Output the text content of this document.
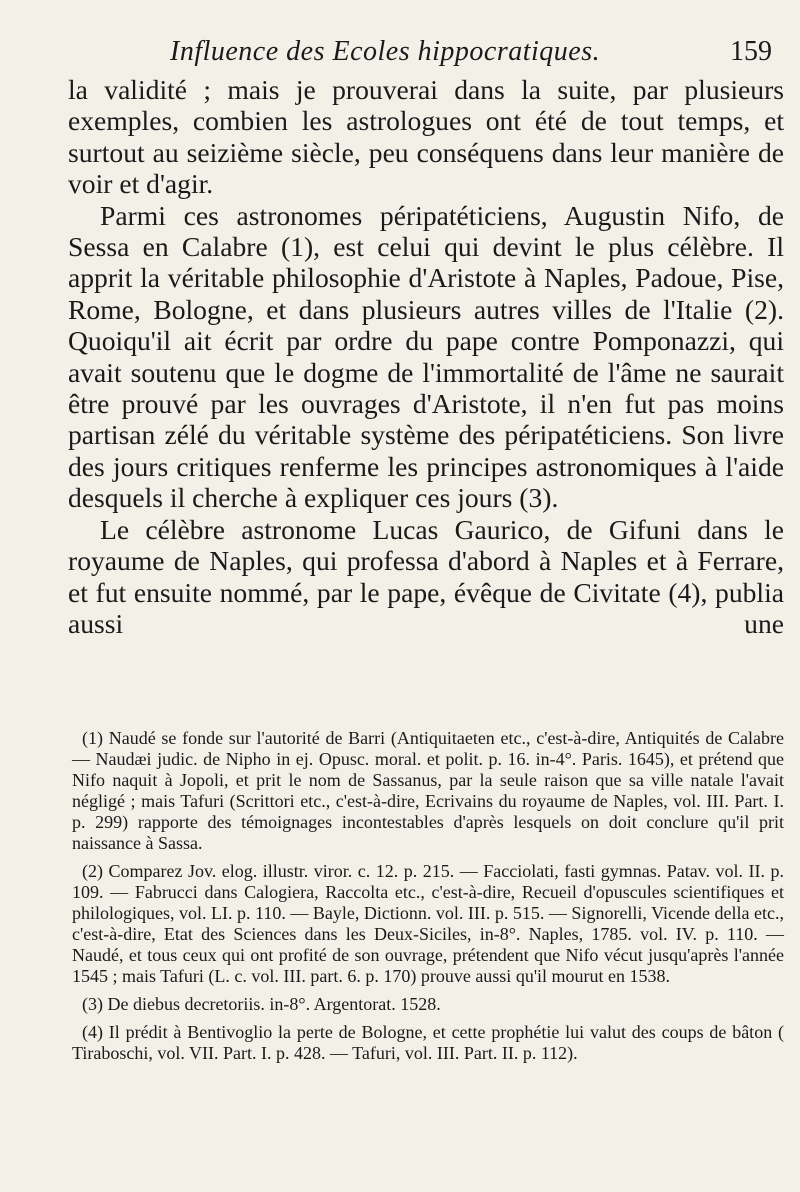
Influence des Ecoles hippocratiques.	159

la validité ; mais je prouverai dans la suite, par plusieurs exemples, combien les astrologues ont été de tout temps, et surtout au seizième siècle, peu conséquens dans leur manière de voir et d'agir.

Parmi ces astronomes péripatéticiens, Augustin Nifo, de Sessa en Calabre (1), est celui qui devint le plus célèbre. Il apprit la véritable philosophie d'Aristote à Naples, Padoue, Pise, Rome, Bologne, et dans plusieurs autres villes de l'Italie (2). Quoiqu'il ait écrit par ordre du pape contre Pomponazzi, qui avait soutenu que le dogme de l'immortalité de l'âme ne saurait être prouvé par les ouvrages d'Aristote, il n'en fut pas moins partisan zélé du véritable système des péripatéticiens. Son livre des jours critiques renferme les principes astronomiques à l'aide desquels il cherche à expliquer ces jours (3).

Le célèbre astronome Lucas Gaurico, de Gifuni dans le royaume de Naples, qui professa d'abord à Naples et à Ferrare, et fut ensuite nommé, par le pape, évêque de Civitate (4), publia aussi une

(1) Naudé se fonde sur l'autorité de Barri (Antiquitaeten etc., c'est-à-dire, Antiquités de Calabre — Naudæi judic. de Nipho in ej. Opusc. moral. et polit. p. 16. in-4°. Paris. 1645), et prétend que Nifo naquit à Jopoli, et prit le nom de Sassanus, par la seule raison que sa ville natale l'avait négligé ; mais Tafuri (Scrittori etc., c'est-à-dire, Ecrivains du royaume de Naples, vol. III. Part. I. p. 299) rapporte des témoignages incontestables d'après lesquels on doit conclure qu'il prit naissance à Sassa.

(2) Comparez Jov. elog. illustr. viror. c. 12. p. 215. — Facciolati, fasti gymnas. Patav. vol. II. p. 109. — Fabrucci dans Calogiera, Raccolta etc., c'est-à-dire, Recueil d'opuscules scientifiques et philologiques, vol. LI. p. 110. — Bayle, Dictionn. vol. III. p. 515. — Signorelli, Vicende della etc., c'est-à-dire, Etat des Sciences dans les Deux-Siciles, in-8°. Naples, 1785. vol. IV. p. 110. — Naudé, et tous ceux qui ont profité de son ouvrage, prétendent que Nifo vécut jusqu'après l'année 1545 ; mais Tafuri (L. c. vol. III. part. 6. p. 170) prouve aussi qu'il mourut en 1538.

(3) De diebus decretoriis. in-8°. Argentorat. 1528.

(4) Il prédit à Bentivoglio la perte de Bologne, et cette prophétie lui valut des coups de bâton ( Tiraboschi, vol. VII. Part. I. p. 428. — Tafuri, vol. III. Part. II. p. 112).
